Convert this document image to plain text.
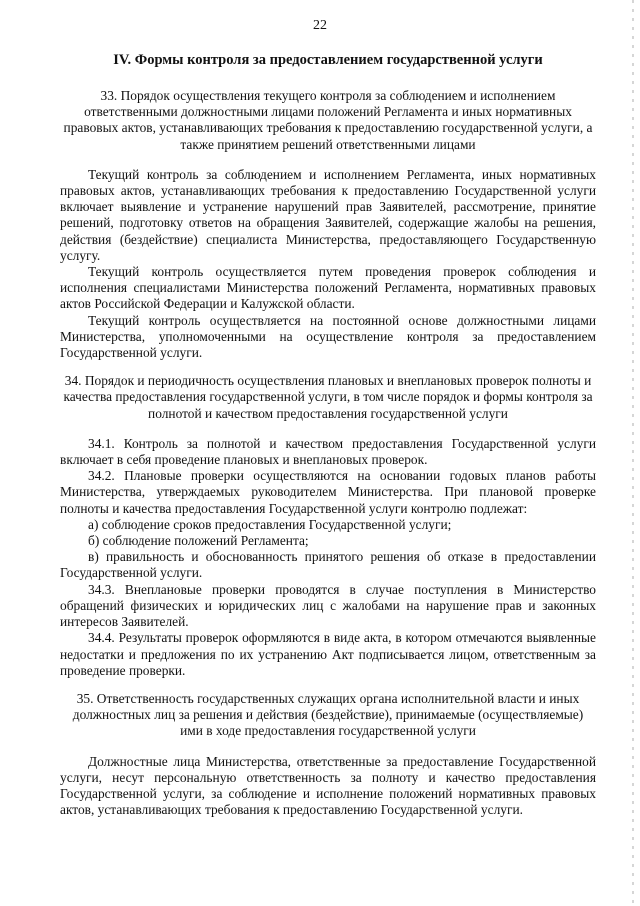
22
IV. Формы контроля за предоставлением государственной услуги
33. Порядок осуществления текущего контроля за соблюдением и исполнением ответственными должностными лицами положений Регламента и иных нормативных правовых актов, устанавливающих требования к предоставлению государственной услуги, а также принятием решений ответственными лицами

Текущий контроль за соблюдением и исполнением Регламента, иных нормативных правовых актов, устанавливающих требования к предоставлению Государственной услуги включает выявление и устранение нарушений прав Заявителей, рассмотрение, принятие решений, подготовку ответов на обращения Заявителей, содержащие жалобы на решения, действия (бездействие) специалиста Министерства, предоставляющего Государственную услугу.

Текущий контроль осуществляется путем проведения проверок соблюдения и исполнения специалистами Министерства положений Регламента, нормативных правовых актов Российской Федерации и Калужской области.

Текущий контроль осуществляется на постоянной основе должностными лицами Министерства, уполномоченными на осуществление контроля за предоставлением Государственной услуги.

34. Порядок и периодичность осуществления плановых и внеплановых проверок полноты и качества предоставления государственной услуги, в том числе порядок и формы контроля за полнотой и качеством предоставления государственной услуги

34.1. Контроль за полнотой и качеством предоставления Государственной услуги включает в себя проведение плановых и внеплановых проверок.

34.2. Плановые проверки осуществляются на основании годовых планов работы Министерства, утверждаемых руководителем Министерства. При плановой проверке полноты и качества предоставления Государственной услуги контролю подлежат:

а) соблюдение сроков предоставления Государственной услуги;

б) соблюдение положений Регламента;

в) правильность и обоснованность принятого решения об отказе в предоставлении Государственной услуги.

34.3. Внеплановые проверки проводятся в случае поступления в Министерство обращений физических и юридических лиц с жалобами на нарушение прав и законных интересов Заявителей.

34.4. Результаты проверок оформляются в виде акта, в котором отмечаются выявленные недостатки и предложения по их устранению Акт подписывается лицом, ответственным за проведение проверки.

35. Ответственность государственных служащих органа исполнительной власти и иных должностных лиц за решения и действия (бездействие), принимаемые (осуществляемые) ими в ходе предоставления государственной услуги

Должностные лица Министерства, ответственные за предоставление Государственной услуги, несут персональную ответственность за полноту и качество предоставления Государственной услуги, за соблюдение и исполнение положений нормативных правовых актов, устанавливающих требования к предоставлению Государственной услуги.
